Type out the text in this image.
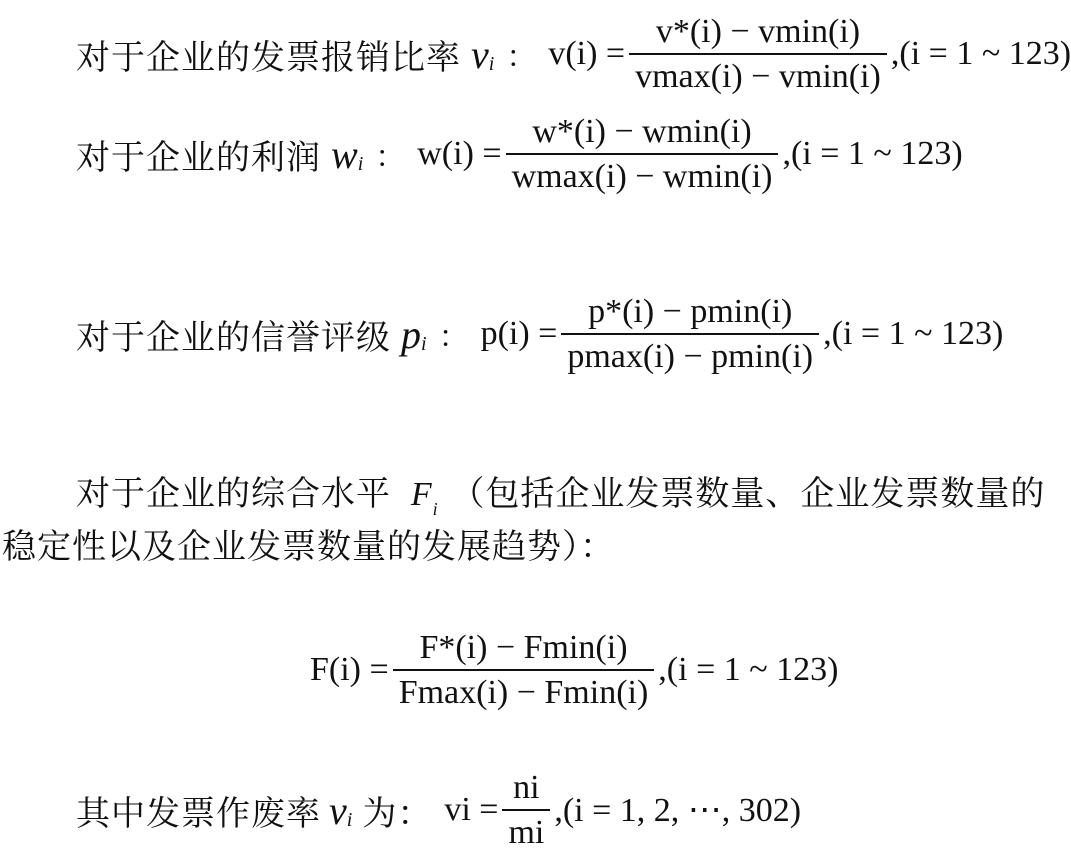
对于企业的发票报销比率 v i ： $v(i) = \frac{v*(i) - vmin(i)}{vmax(i) - vmin(i)} ,(i = 1$ ~ 123)
对于企业的利润 w i ： $w(i) = \frac{w*(i) - wmin(i)}{wmax(i) - wmin(i)} ,(i = 1$ ~ 123)
对于企业的信誉评级 p i ： $p(i) = \frac{p*(i) - pmin(i)}{pmax(i) - pmin(i)} ,(i = 1$ ~ 123)
对于企业的综合水平 $F_i$ （包括企业发票数量、企业发票数量的
稳定性以及企业发票数量的发展趋势）：
$F(i) = \frac{F*(i) - Fmin(i)}{Fmax(i) - Fmin(i)} ,(i = 1$ ~ 123)
其中发票作废率 v i 为： vi = $\frac{ni}{mi} ,(i = 1$, 2, ⋯, 302)
